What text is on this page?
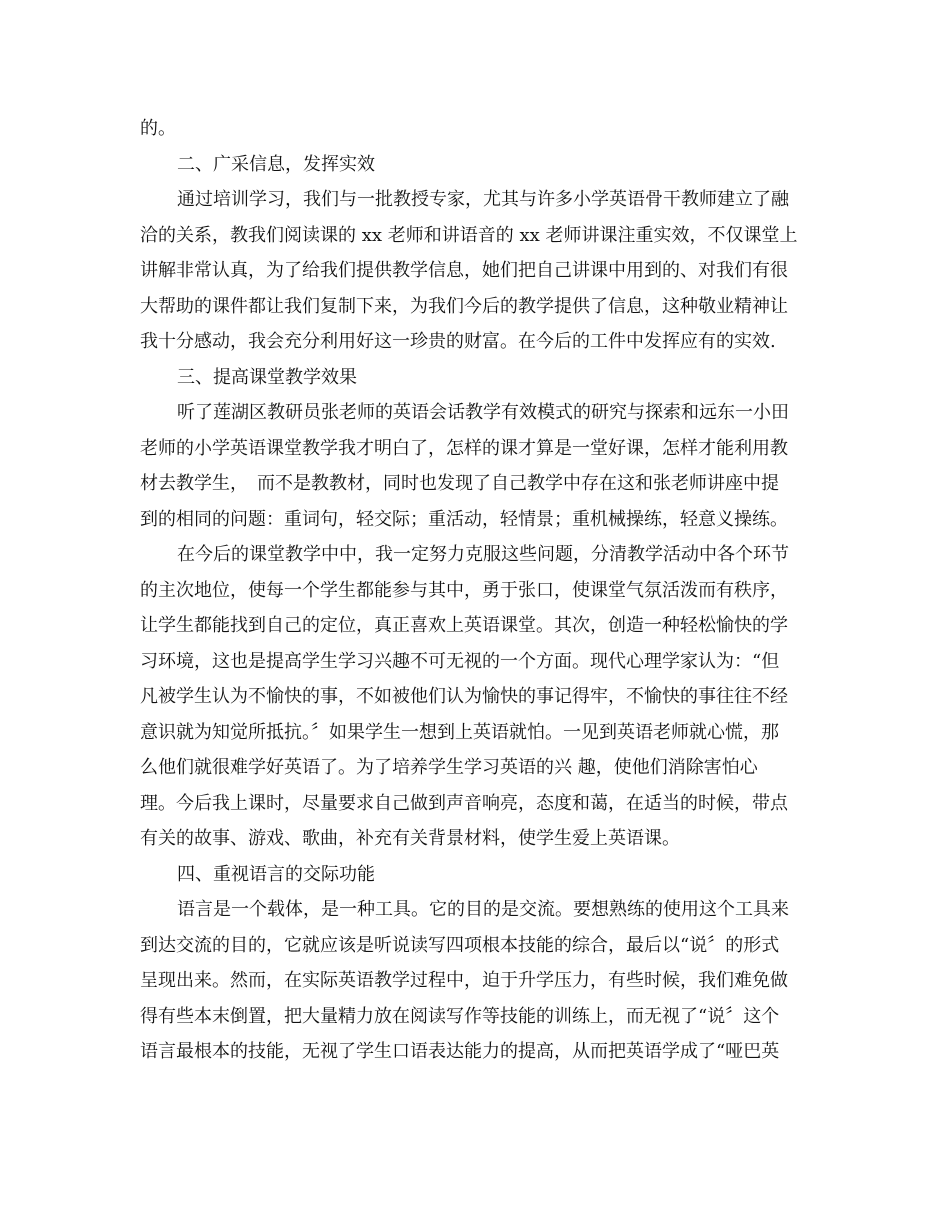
的。
二、广采信息，发挥实效
通过培训学习，我们与一批教授专家，尤其与许多小学英语骨干教师建立了融
洽的关系，教我们阅读课的 xx 老师和讲语音的 xx 老师讲课注重实效，不仅课堂上
讲解非常认真，为了给我们提供教学信息，她们把自己讲课中用到的、对我们有很
大帮助的课件都让我们复制下来，为我们今后的教学提供了信息，这种敬业精神让
我十分感动，我会充分利用好这一珍贵的财富。在今后的工件中发挥应有的实效.
三、提高课堂教学效果
听了莲湖区教研员张老师的英语会话教学有效模式的研究与探索和远东一小田
老师的小学英语课堂教学我才明白了，怎样的课才算是一堂好课，怎样才能利用教
材去教学生，　而不是教教材，同时也发现了自己教学中存在这和张老师讲座中提
到的相同的问题：重词句，轻交际；重活动，轻情景；重机械操练，轻意义操练。
在今后的课堂教学中中，我一定努力克服这些问题，分清教学活动中各个环节
的主次地位，使每一个学生都能参与其中，勇于张口，使课堂气氛活泼而有秩序，
让学生都能找到自己的定位，真正喜欢上英语课堂。其次，创造一种轻松愉快的学
习环境，这也是提高学生学习兴趣不可无视的一个方面。现代心理学家认为：“但
凡被学生认为不愉快的事，不如被他们认为愉快的事记得牢，不愉快的事往往不经
意识就为知觉所抵抗。〞如果学生一想到上英语就怕。一见到英语老师就心慌，那
么他们就很难学好英语了。为了培养学生学习英语的兴 趣，使他们消除害怕心
理。今后我上课时，尽量要求自己做到声音响亮，态度和蔼，在适当的时候，带点
有关的故事、游戏、歌曲，补充有关背景材料，使学生爱上英语课。
四、重视语言的交际功能
语言是一个载体，是一种工具。它的目的是交流。要想熟练的使用这个工具来
到达交流的目的，它就应该是听说读写四项根本技能的综合，最后以“说〞的形式
呈现出来。然而，在实际英语教学过程中，迫于升学压力，有些时候，我们难免做
得有些本末倒置，把大量精力放在阅读写作等技能的训练上，而无视了“说〞这个
语言最根本的技能，无视了学生口语表达能力的提高，从而把英语学成了“哑巴英
